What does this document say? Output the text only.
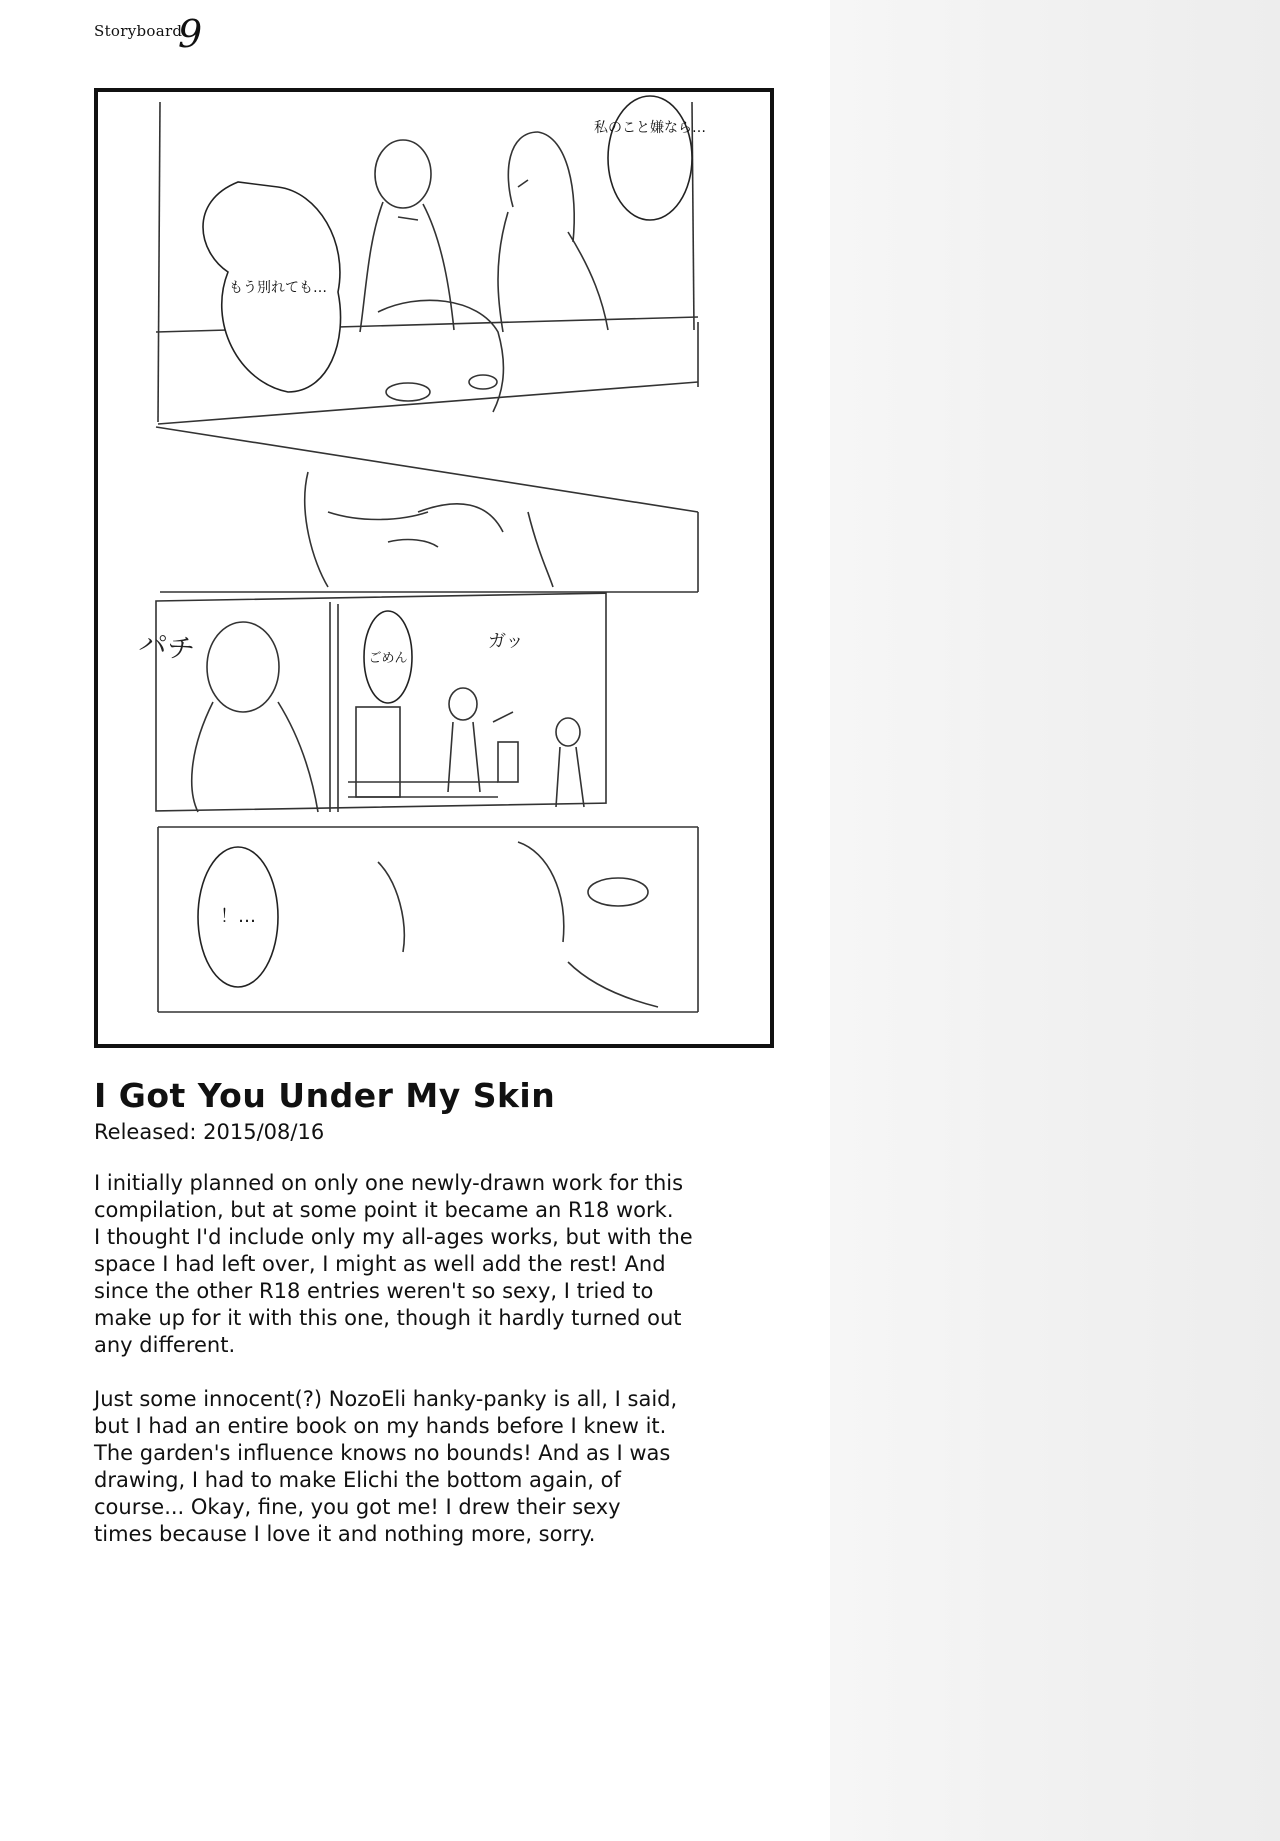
Storyboard
9
私のこと嫌なら…
もう別れても…
ごめん
パチ	ガッ
！…
I Got You Under My Skin
Released: 2015/08/16

I initially planned on only one newly-drawn work for this
compilation, but at some point it became an R18 work.
I thought I'd include only my all-ages works, but with the
space I had left over, I might as well add the rest! And
since the other R18 entries weren't so sexy, I tried to
make up for it with this one, though it hardly turned out
any different.

Just some innocent(?) NozoEli hanky-panky is all, I said,
but I had an entire book on my hands before I knew it.
The garden's influence knows no bounds! And as I was
drawing, I had to make Elichi the bottom again, of
course... Okay, fine, you got me! I drew their sexy
times because I love it and nothing more, sorry.
